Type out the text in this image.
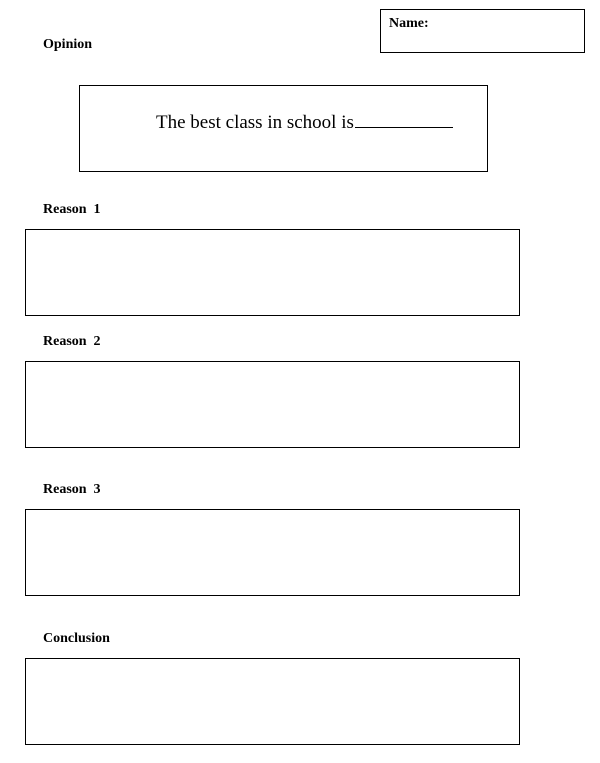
Name:
Opinion
The best class in school is
Reason  1
Reason  2
Reason  3
Conclusion
